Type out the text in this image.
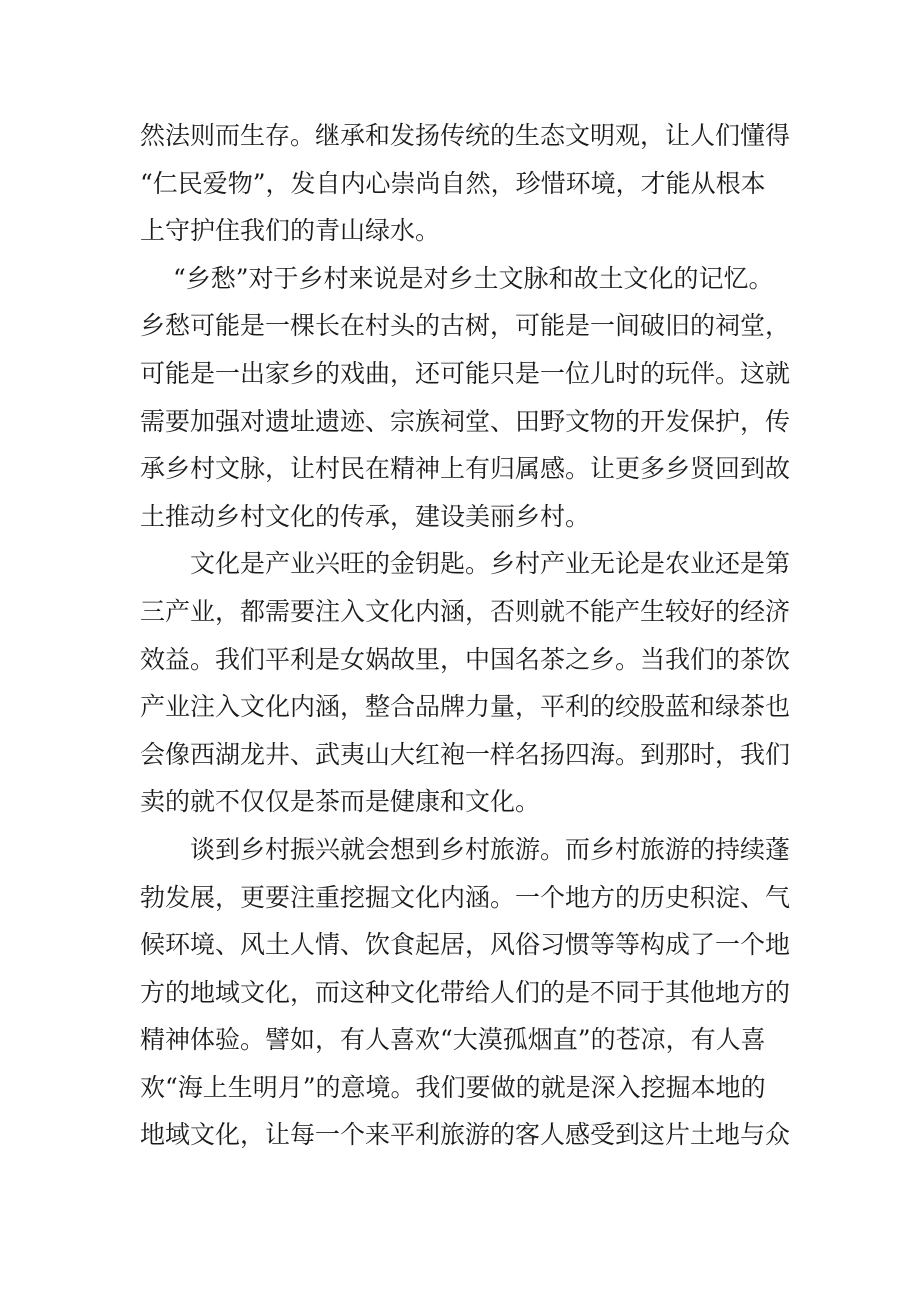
然法则而生存。继承和发扬传统的生态文明观，让人们懂得
“仁民爱物”，发自内心崇尚自然，珍惜环境，才能从根本
上守护住我们的青山绿水。
　 “乡愁”对于乡村来说是对乡土文脉和故土文化的记忆。
乡愁可能是一棵长在村头的古树，可能是一间破旧的祠堂，
可能是一出家乡的戏曲，还可能只是一位儿时的玩伴。这就
需要加强对遗址遗迹、宗族祠堂、田野文物的开发保护，传
承乡村文脉，让村民在精神上有归属感。让更多乡贤回到故
土推动乡村文化的传承，建设美丽乡村。
　　文化是产业兴旺的金钥匙。乡村产业无论是农业还是第
三产业，都需要注入文化内涵，否则就不能产生较好的经济
效益。我们平利是女娲故里，中国名茶之乡。当我们的茶饮
产业注入文化内涵，整合品牌力量，平利的绞股蓝和绿茶也
会像西湖龙井、武夷山大红袍一样名扬四海。到那时，我们
卖的就不仅仅是茶而是健康和文化。
　　谈到乡村振兴就会想到乡村旅游。而乡村旅游的持续蓬
勃发展，更要注重挖掘文化内涵。一个地方的历史积淀、气
候环境、风土人情、饮食起居，风俗习惯等等构成了一个地
方的地域文化，而这种文化带给人们的是不同于其他地方的
精神体验。譬如，有人喜欢“大漠孤烟直”的苍凉，有人喜
欢“海上生明月”的意境。我们要做的就是深入挖掘本地的
地域文化，让每一个来平利旅游的客人感受到这片土地与众
